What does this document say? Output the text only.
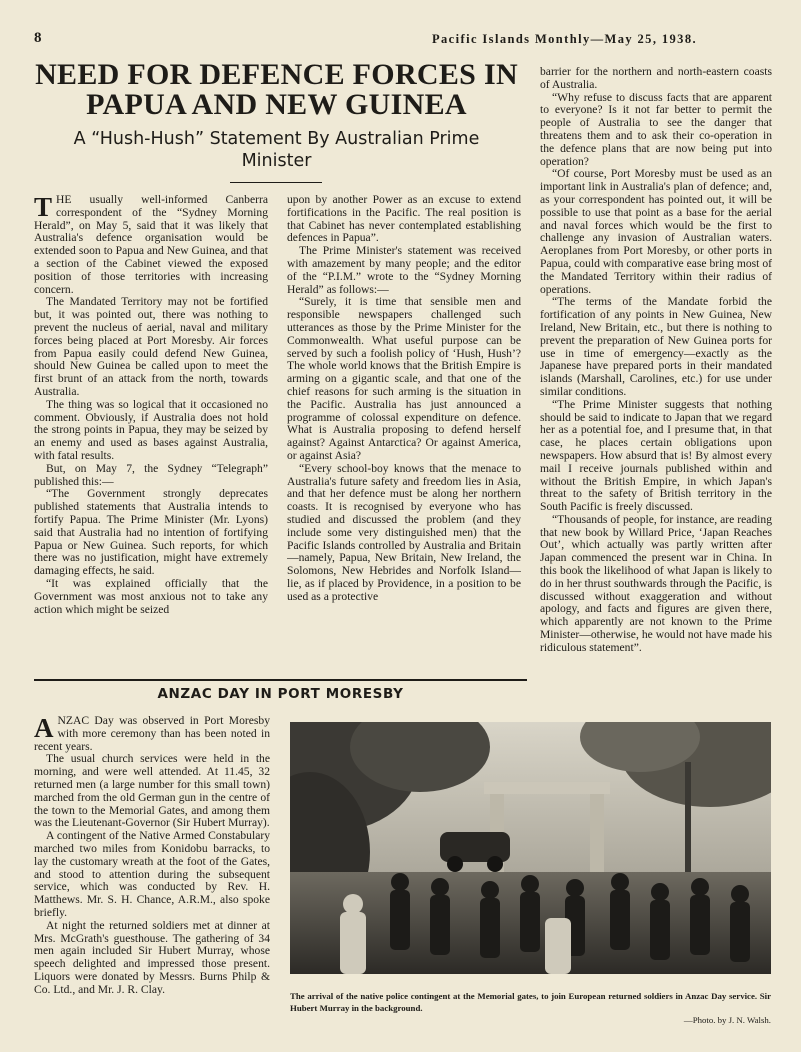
8	Pacific Islands Monthly—May 25, 1938.
NEED FOR DEFENCE FORCES IN
PAPUA AND NEW GUINEA
A “Hush-Hush” Statement By Australian Prime
Minister

THE usually well-informed Canberra correspondent of the “Sydney Morning Herald”, on May 5, said that it was likely that Australia's defence organisation would be extended soon to Papua and New Guinea, and that a section of the Cabinet viewed the exposed position of those territories with increasing concern.

The Mandated Territory may not be fortified but, it was pointed out, there was nothing to prevent the nucleus of aerial, naval and military forces being placed at Port Moresby. Air forces from Papua easily could defend New Guinea, should New Guinea be called upon to meet the first brunt of an attack from the north, towards Australia.

The thing was so logical that it occasioned no comment. Obviously, if Australia does not hold the strong points in Papua, they may be seized by an enemy and used as bases against Australia, with fatal results.

But, on May 7, the Sydney “Telegraph” published this:—

“The Government strongly deprecates published statements that Australia intends to fortify Papua. The Prime Minister (Mr. Lyons) said that Australia had no intention of fortifying Papua or New Guinea. Such reports, for which there was no justification, might have extremely damaging effects, he said.

“It was explained officially that the Government was most anxious not to take any action which might be seized

upon by another Power as an excuse to extend fortifications in the Pacific. The real position is that Cabinet has never contemplated establishing defences in Papua”.

The Prime Minister's statement was received with amazement by many people; and the editor of the “P.I.M.” wrote to the “Sydney Morning Herald” as follows:—

“Surely, it is time that sensible men and responsible newspapers challenged such utterances as those by the Prime Minister for the Commonwealth. What useful purpose can be served by such a foolish policy of ‘Hush, Hush’? The whole world knows that the British Empire is arming on a gigantic scale, and that one of the chief reasons for such arming is the situation in the Pacific. Australia has just announced a programme of colossal expenditure on defence. What is Australia proposing to defend herself against? Against Antarctica? Or against America, or against Asia?

“Every school-boy knows that the menace to Australia's future safety and freedom lies in Asia, and that her defence must be along her northern coasts. It is recognised by everyone who has studied and discussed the problem (and they include some very distinguished men) that the Pacific Islands controlled by Australia and Britain—namely, Papua, New Britain, New Ireland, the Solomons, New Hebrides and Norfolk Island—lie, as if placed by Providence, in a position to be used as a protective

barrier for the northern and north-eastern coasts of Australia.

“Why refuse to discuss facts that are apparent to everyone? Is it not far better to permit the people of Australia to see the danger that threatens them and to ask their co-operation in the defence plans that are now being put into operation?

“Of course, Port Moresby must be used as an important link in Australia's plan of defence; and, as your correspondent has pointed out, it will be possible to use that point as a base for the aerial and naval forces which would be the first to challenge any invasion of Australian waters. Aeroplanes from Port Moresby, or other ports in Papua, could with comparative ease bring most of the Mandated Territory within their radius of operations.

“The terms of the Mandate forbid the fortification of any points in New Guinea, New Ireland, New Britain, etc., but there is nothing to prevent the preparation of New Guinea ports for use in time of emergency—exactly as the Japanese have prepared ports in their mandated islands (Marshall, Carolines, etc.) for use under similar conditions.

“The Prime Minister suggests that nothing should be said to indicate to Japan that we regard her as a potential foe, and I presume that, in that case, he places certain obligations upon newspapers. How absurd that is! By almost every mail I receive journals published within and without the British Empire, in which Japan's threat to the safety of British territory in the South Pacific is freely discussed.

“Thousands of people, for instance, are reading that new book by Willard Price, ‘Japan Reaches Out’, which actually was partly written after Japan commenced the present war in China. In this book the likelihood of what Japan is likely to do in her thrust southwards through the Pacific, is discussed without exaggeration and without apology, and facts and figures are given there, which apparently are not known to the Prime Minister—otherwise, he would not have made his ridiculous statement”.

ANZAC DAY IN PORT MORESBY

ANZAC Day was observed in Port Moresby with more ceremony than has been noted in recent years.

The usual church services were held in the morning, and were well attended. At 11.45, 32 returned men (a large number for this small town) marched from the old German gun in the centre of the town to the Memorial Gates, and among them was the Lieutenant-Governor (Sir Hubert Murray).

A contingent of the Native Armed Constabulary marched two miles from Konidobu barracks, to lay the customary wreath at the foot of the Gates, and stood to attention during the subsequent service, which was conducted by Rev. H. Matthews. Mr. S. H. Chance, A.R.M., also spoke briefly.

At night the returned soldiers met at dinner at Mrs. McGrath's guesthouse. The gathering of 34 men again included Sir Hubert Murray, whose speech delighted and impressed those present. Liquors were donated by Messrs. Burns Philp & Co. Ltd., and Mr. J. R. Clay.

The arrival of the native police contingent at the Memorial gates, to join European returned soldiers in Anzac Day service. Sir Hubert Murray in the background.
—Photo. by J. N. Walsh.
